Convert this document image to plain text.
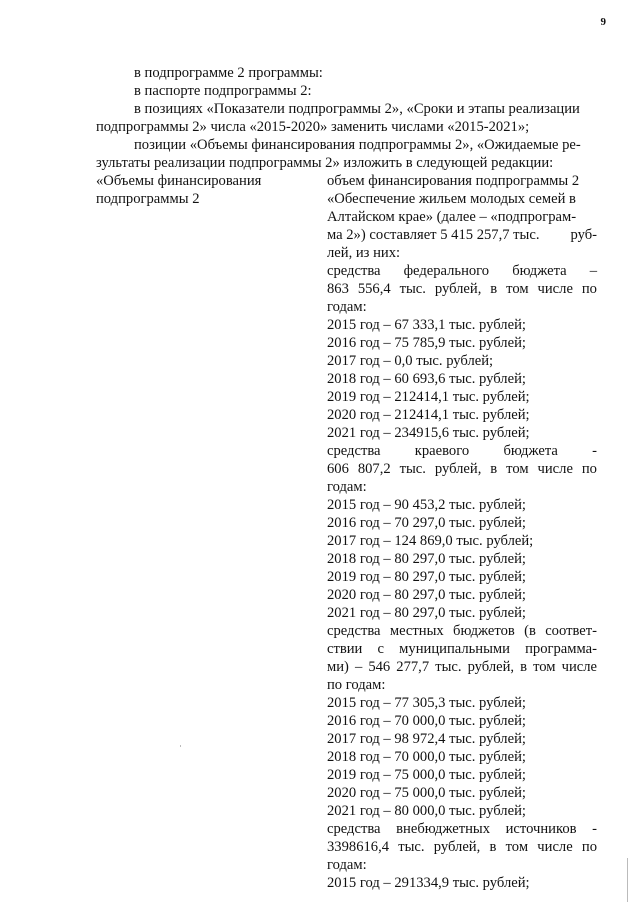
9
в подпрограмме 2 программы:
в паспорте подпрограммы 2:
в позициях «Показатели подпрограммы 2», «Сроки и этапы реализации
подпрограммы 2» числа «2015-2020» заменить числами «2015-2021»;
позиции «Объемы финансирования подпрограммы 2», «Ожидаемые ре-
зультаты реализации подпрограммы 2» изложить в следующей редакции:
«Объемы финансирования
подпрограммы 2
объем финансирования подпрограммы 2
«Обеспечение жильем молодых семей в
Алтайском крае» (далее – «подпрограм-
ма 2») составляет 5 415 257,7 тыс. руб-
лей, из них:
средства федерального бюджета –
863 556,4 тыс. рублей, в том числе по
годам:
2015 год – 67 333,1 тыс. рублей;
2016 год – 75 785,9 тыс. рублей;
2017 год – 0,0 тыс. рублей;
2018 год – 60 693,6 тыс. рублей;
2019 год – 212414,1 тыс. рублей;
2020 год – 212414,1 тыс. рублей;
2021 год – 234915,6 тыс. рублей;
средства краевого бюджета -
606 807,2 тыс. рублей, в том числе по
годам:
2015 год – 90 453,2 тыс. рублей;
2016 год – 70 297,0 тыс. рублей;
2017 год – 124 869,0 тыс. рублей;
2018 год – 80 297,0 тыс. рублей;
2019 год – 80 297,0 тыс. рублей;
2020 год – 80 297,0 тыс. рублей;
2021 год – 80 297,0 тыс. рублей;
средства местных бюджетов (в соответ-
ствии с муниципальными программа-
ми) – 546 277,7 тыс. рублей, в том числе
по годам:
2015 год – 77 305,3 тыс. рублей;
2016 год – 70 000,0 тыс. рублей;
2017 год – 98 972,4 тыс. рублей;
2018 год – 70 000,0 тыс. рублей;
2019 год – 75 000,0 тыс. рублей;
2020 год – 75 000,0 тыс. рублей;
2021 год – 80 000,0 тыс. рублей;
средства внебюджетных источников -
3398616,4 тыс. рублей, в том числе по
годам:
2015 год – 291334,9 тыс. рублей;
